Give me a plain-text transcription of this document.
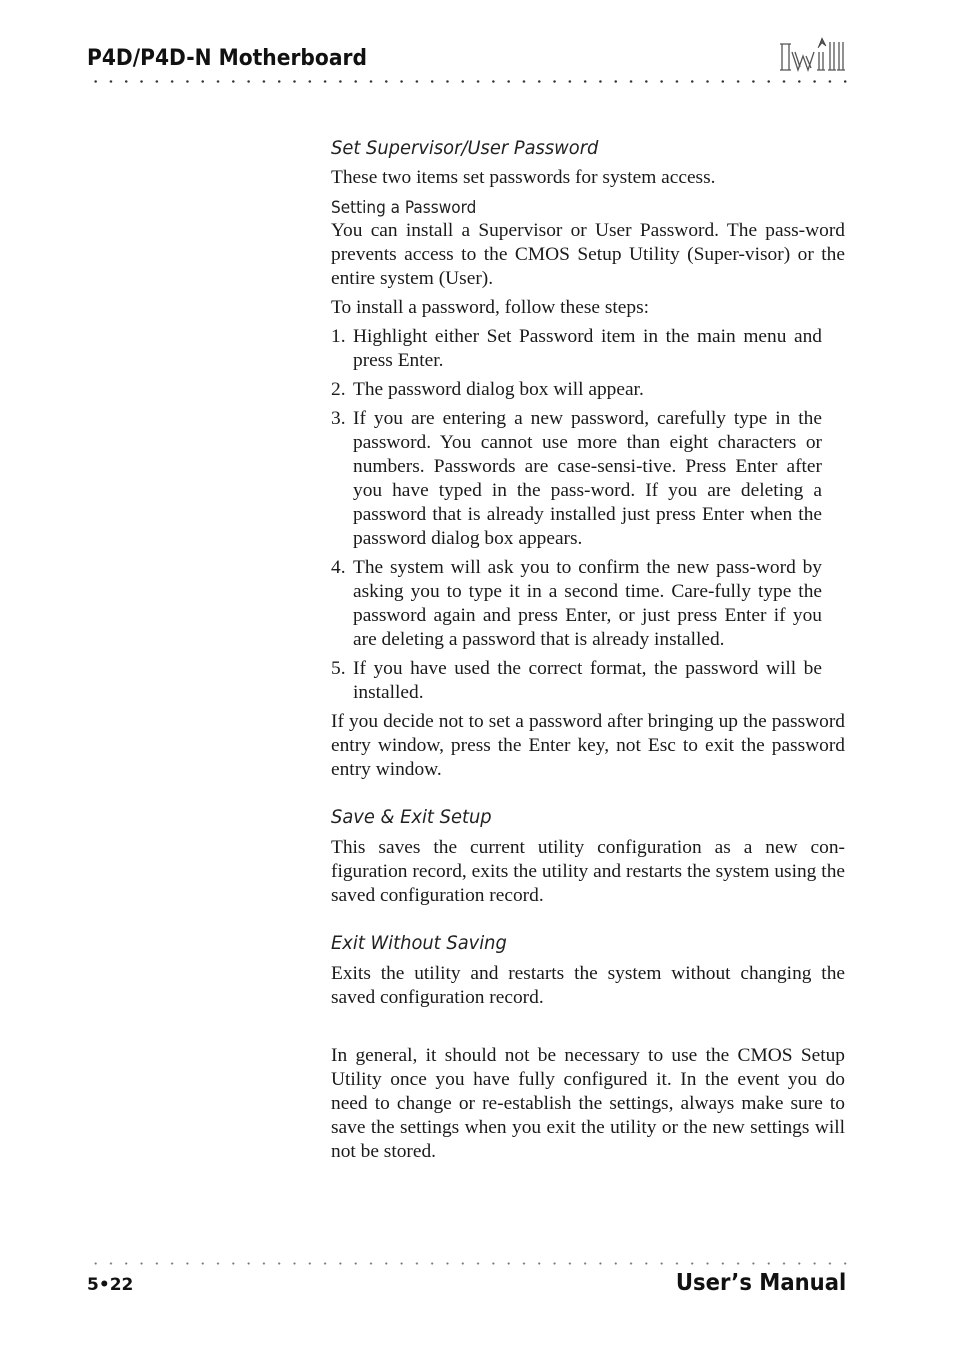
P4D/P4D-N Motherboard
Set Supervisor/User Password

These two items set passwords for system access.

Setting a Password

You can install a Supervisor or User Password. The pass-word prevents access to the CMOS Setup Utility (Super-visor) or the entire system (User).

To install a password, follow these steps:

1. Highlight either Set Password item in the main menu and press Enter.
2. The password dialog box will appear.
3. If you are entering a new password, carefully type in the password. You cannot use more than eight characters or numbers. Passwords are case-sensi-tive. Press Enter after you have typed in the pass-word. If you are deleting a password that is already installed just press Enter when the password dialog box appears.
4. The system will ask you to confirm the new pass-word by asking you to type it in a second time. Care-fully type the password again and press Enter, or just press Enter if you are deleting a password that is already installed.
5. If you have used the correct format, the password will be installed.

If you decide not to set a password after bringing up the password entry window, press the Enter key, not Esc to exit the password entry window.

Save & Exit Setup

This saves the current utility configuration as a new con-figuration record, exits the utility and restarts the system using the saved configuration record.

Exit Without Saving

Exits the utility and restarts the system without changing the saved configuration record.

In general, it should not be necessary to use the CMOS Setup Utility once you have fully configured it. In the event you do need to change or re-establish the settings, always make sure to save the settings when you exit the utility or the new settings will not be stored.

5•22	User’s Manual
